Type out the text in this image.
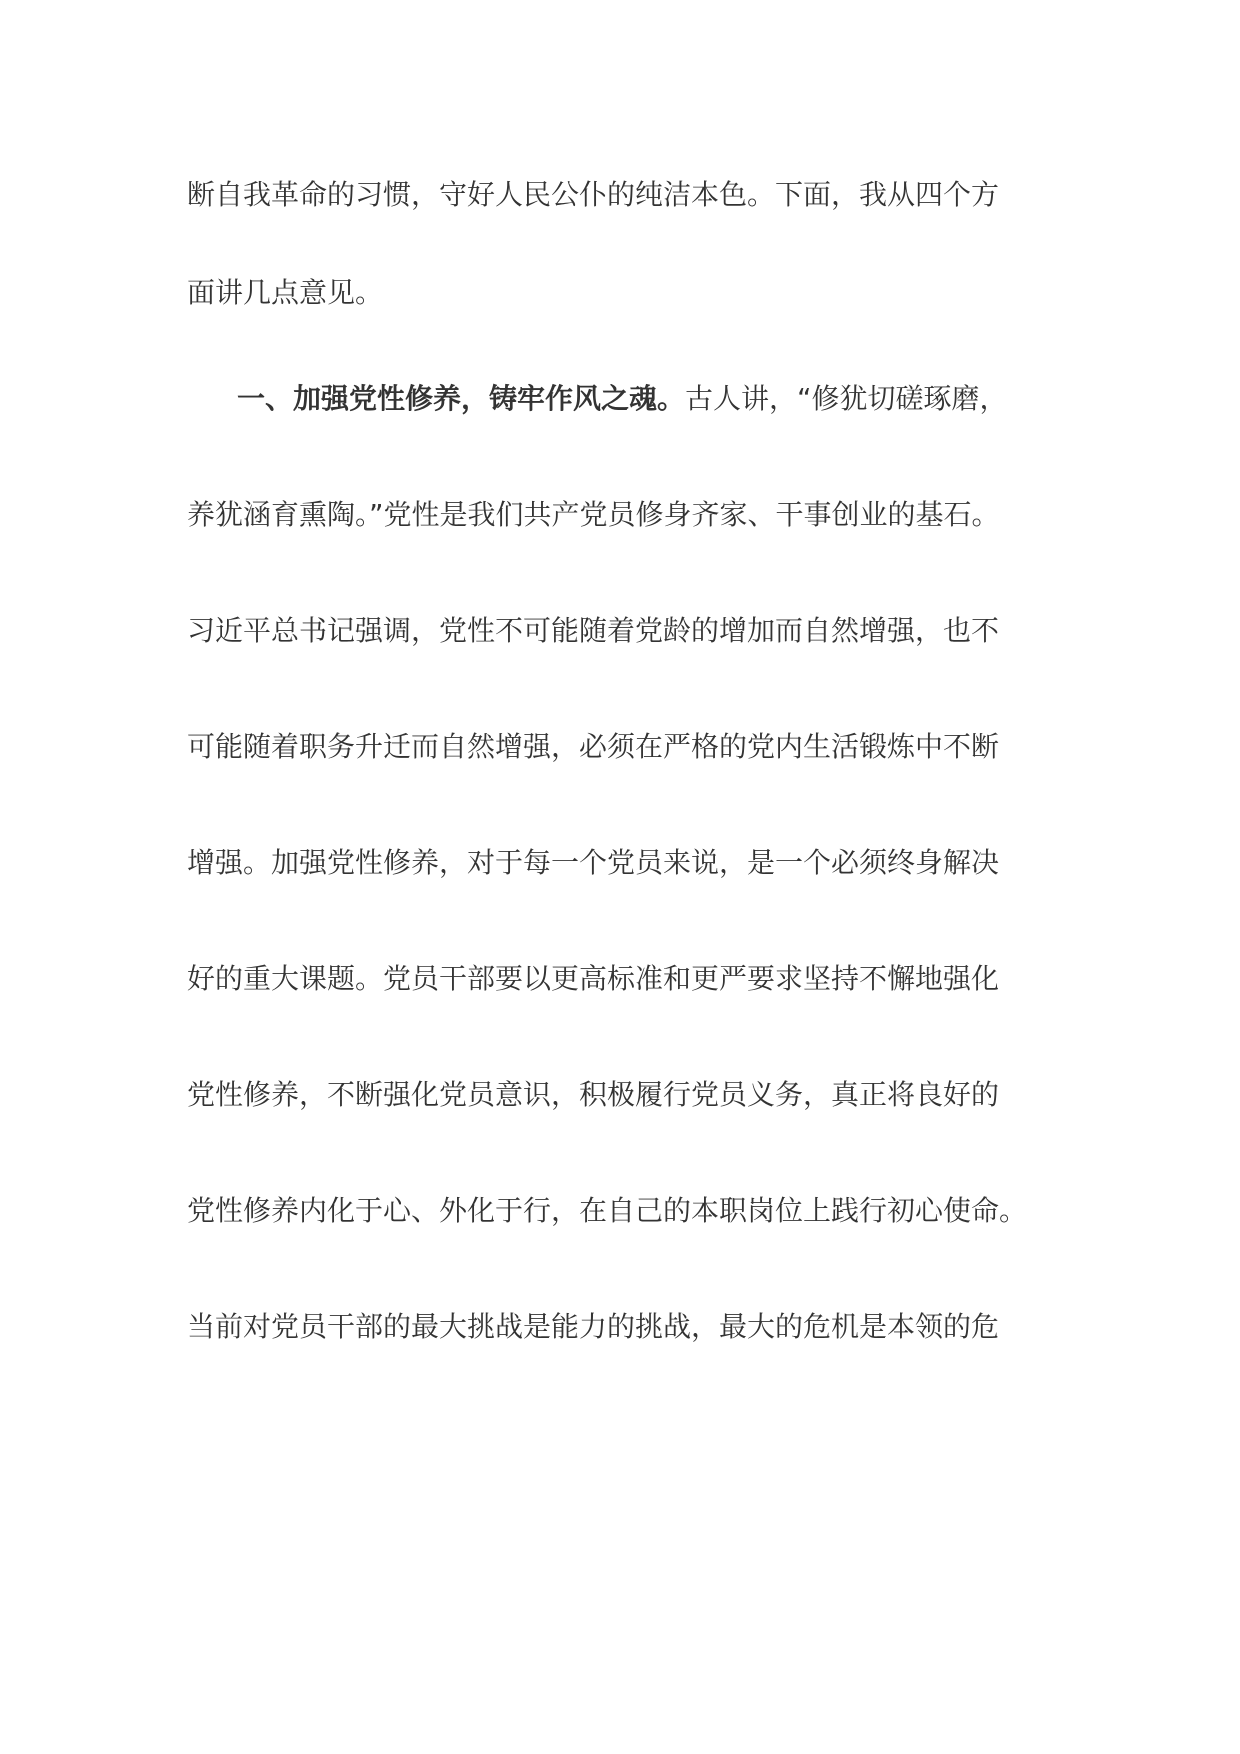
断自我革命的习惯，守好人民公仆的纯洁本色。下面，我从四个方
面讲几点意见。
一、加强党性修养，铸牢作风之魂。古人讲，“修犹切磋琢磨，
养犹涵育熏陶。”党性是我们共产党员修身齐家、干事创业的基石。
习近平总书记强调，党性不可能随着党龄的增加而自然增强，也不
可能随着职务升迁而自然增强，必须在严格的党内生活锻炼中不断
增强。加强党性修养，对于每一个党员来说，是一个必须终身解决
好的重大课题。党员干部要以更高标准和更严要求坚持不懈地强化
党性修养，不断强化党员意识，积极履行党员义务，真正将良好的
党性修养内化于心、外化于行，在自己的本职岗位上践行初心使命。
当前对党员干部的最大挑战是能力的挑战，最大的危机是本领的危
